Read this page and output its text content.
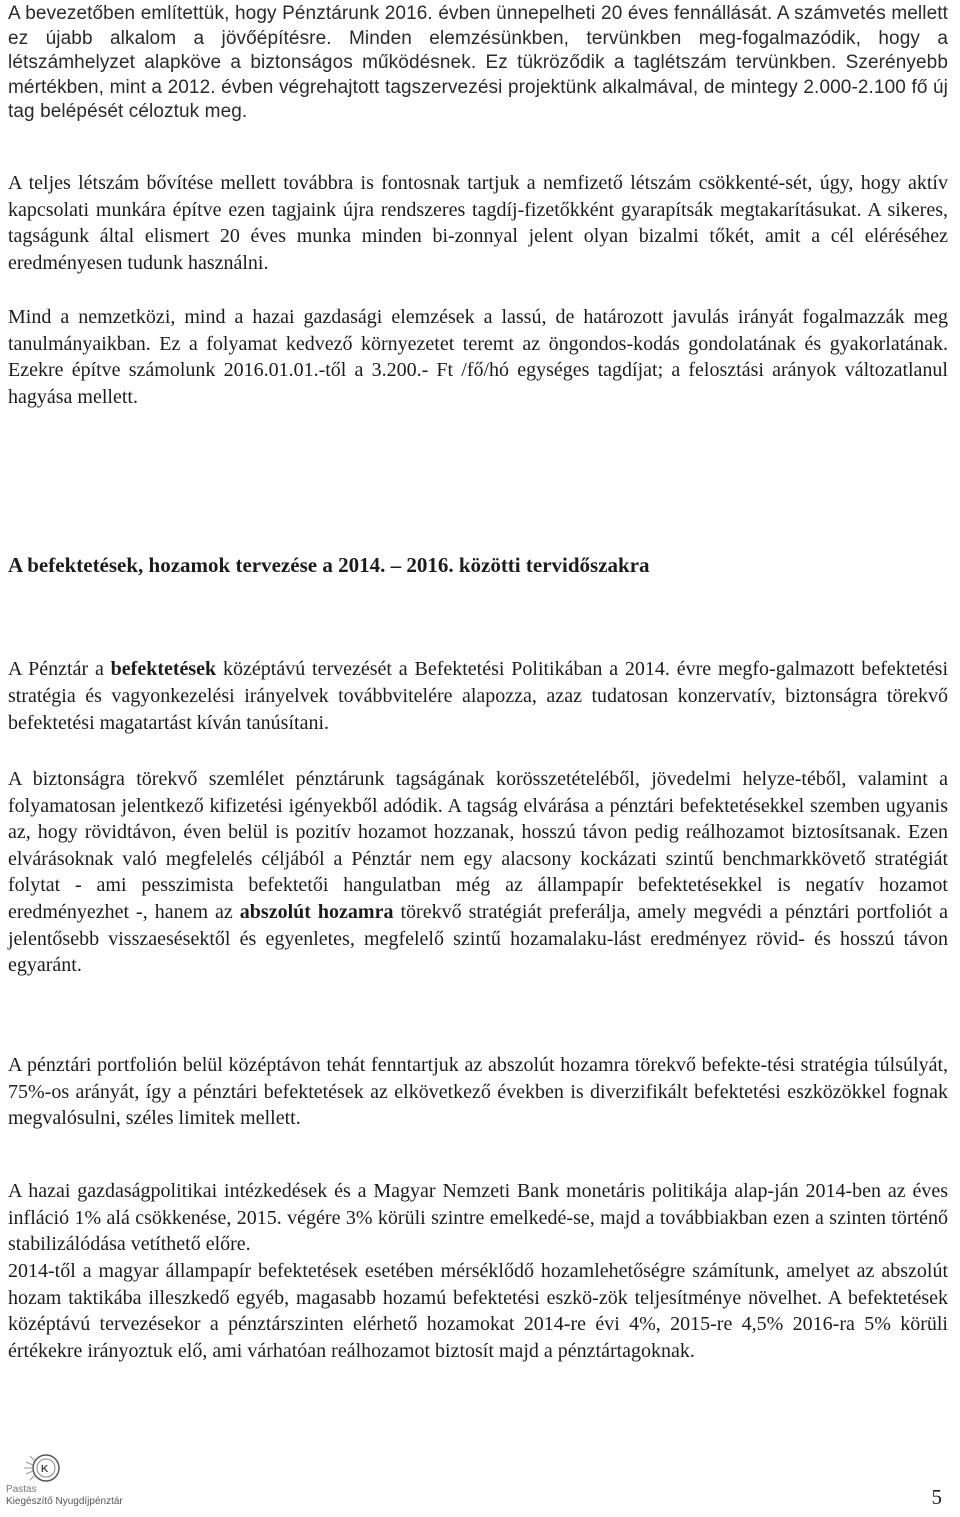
A bevezetőben említettük, hogy Pénztárunk 2016. évben ünnepelheti 20 éves fennállását. A számvetés mellett ez újabb alkalom a jövőépítésre. Minden elemzésünkben, tervünkben meg-fogalmazódik, hogy a létszámhelyzet alapköve a biztonságos működésnek. Ez tükröződik a taglétszám tervünkben. Szerényebb mértékben, mint a 2012. évben végrehajtott tagszervezési projektünk alkalmával, de mintegy 2.000-2.100 fő új tag belépését céloztuk meg.

A teljes létszám bővítése mellett továbbra is fontosnak tartjuk a nemfizető létszám csökkenté-sét, úgy, hogy aktív kapcsolati munkára építve ezen tagjaink újra rendszeres tagdíj-fizetőkként gyarapítsák megtakarításukat. A sikeres, tagságunk által elismert 20 éves munka minden bi-zonnyal jelent olyan bizalmi tőkét, amit a cél eléréséhez eredményesen tudunk használni.

Mind a nemzetközi, mind a hazai gazdasági elemzések a lassú, de határozott javulás irányát fogalmazzák meg tanulmányaikban. Ez a folyamat kedvező környezetet teremt az öngondos-kodás gondolatának és gyakorlatának. Ezekre építve számolunk 2016.01.01.-től a 3.200.- Ft /fő/hó egységes tagdíjat; a felosztási arányok változatlanul hagyása mellett.

A befektetések, hozamok tervezése a 2014. – 2016. közötti tervidőszakra

A Pénztár a befektetések középtávú tervezését a Befektetési Politikában a 2014. évre megfo-galmazott befektetési stratégia és vagyonkezelési irányelvek továbbvitelére alapozza, azaz tudatosan konzervatív, biztonságra törekvő befektetési magatartást kíván tanúsítani.

A biztonságra törekvő szemlélet pénztárunk tagságának korösszetételéből, jövedelmi helyze-téből, valamint a folyamatosan jelentkező kifizetési igényekből adódik. A tagság elvárása a pénztári befektetésekkel szemben ugyanis az, hogy rövidtávon, éven belül is pozitív hozamot hozzanak, hosszú távon pedig reálhozamot biztosítsanak. Ezen elvárásoknak való megfelelés céljából a Pénztár nem egy alacsony kockázati szintű benchmarkkövető stratégiát folytat - ami pesszimista befektetői hangulatban még az állampapír befektetésekkel is negatív hozamot eredményezhet -, hanem az abszolút hozamra törekvő stratégiát preferálja, amely megvédi a pénztári portfoliót a jelentősebb visszaesésektől és egyenletes, megfelelő szintű hozamalaku-lást eredményez rövid- és hosszú távon egyaránt.

A pénztári portfolión belül középtávon tehát fenntartjuk az abszolút hozamra törekvő befekte-tési stratégia túlsúlyát, 75%-os arányát, így a pénztári befektetések az elkövetkező években is diverzifikált befektetési eszközökkel fognak megvalósulni, széles limitek mellett.

A hazai gazdaságpolitikai intézkedések és a Magyar Nemzeti Bank monetáris politikája alap-ján 2014-ben az éves infláció 1% alá csökkenése, 2015. végére 3% körüli szintre emelkedé-se, majd a továbbiakban ezen a szinten történő stabilizálódása vetíthető előre.

2014-től a magyar állampapír befektetések esetében mérséklődő hozamlehetőségre számítunk, amelyet az abszolút hozam taktikába illeszkedő egyéb, magasabb hozamú befektetési eszkö-zök teljesítménye növelhet. A befektetések középtávú tervezésekor a pénztárszinten elérhető hozamokat 2014-re évi 4%, 2015-re 4,5% 2016-ra 5% körüli értékekre irányoztuk elő, ami várhatóan reálhozamot biztosít majd a pénztártagoknak.

K
Pastas
Kiegészítő Nyugdíjpénztár	5
